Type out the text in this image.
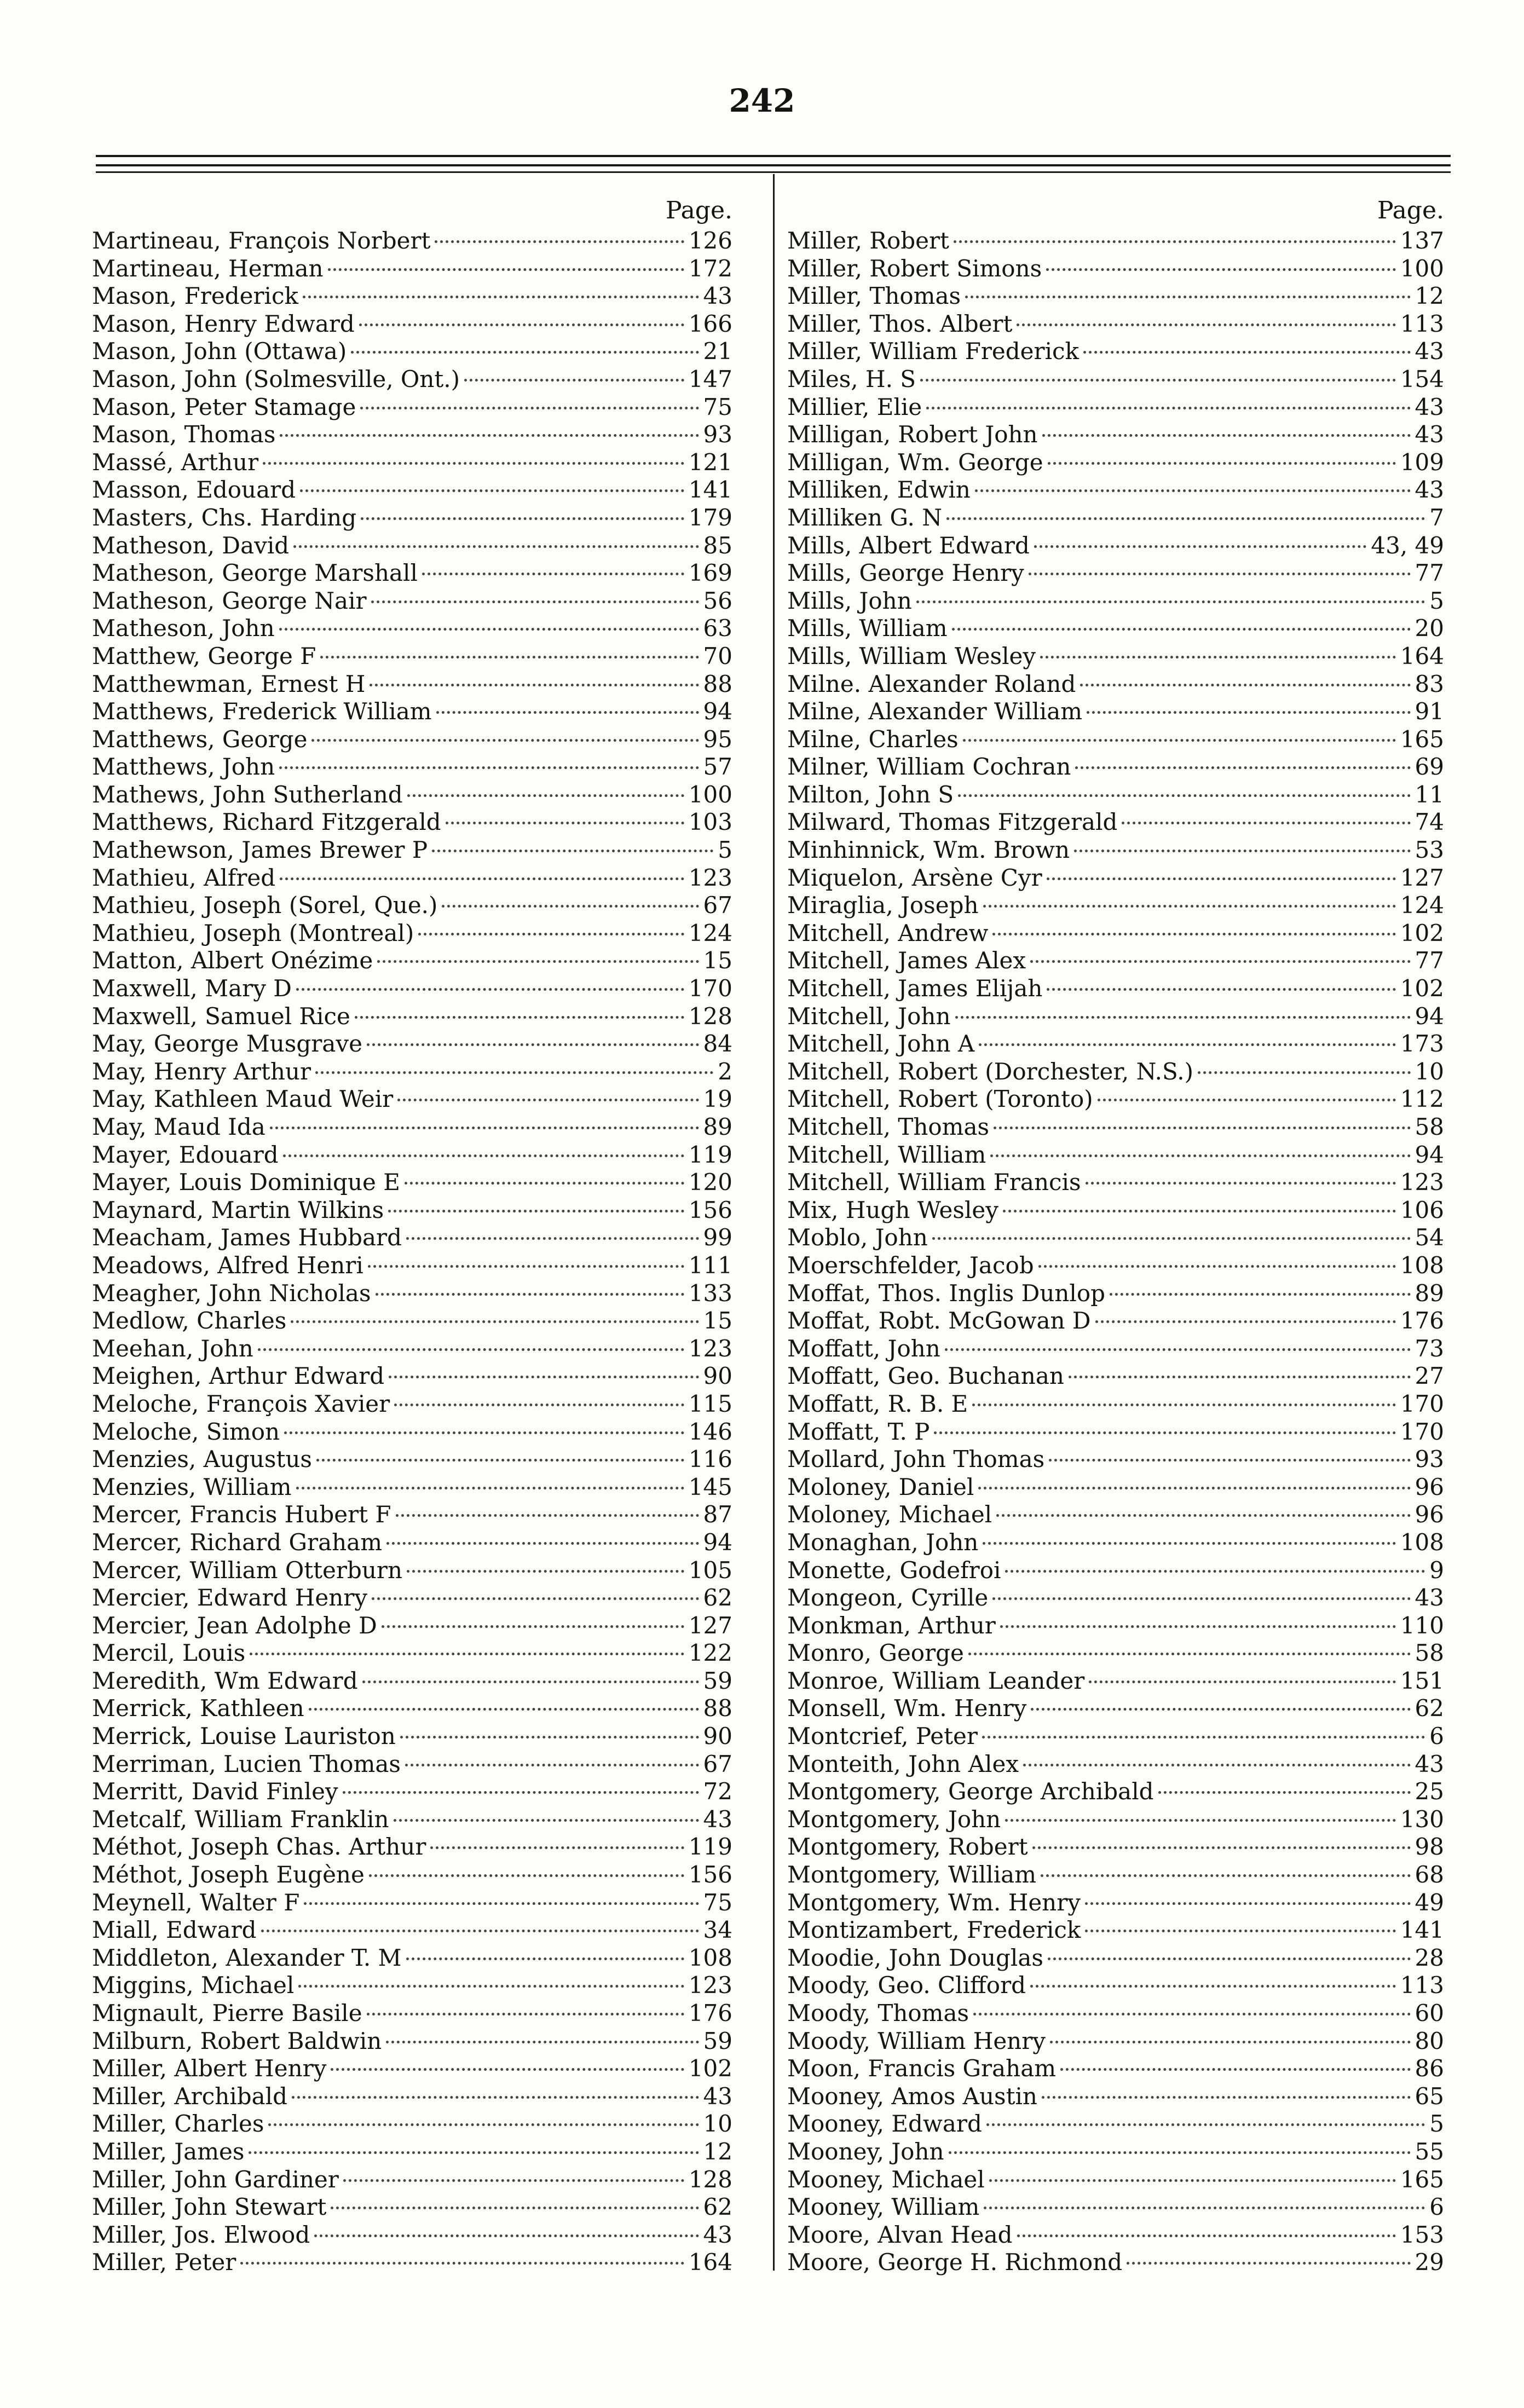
242
Page.
Martineau, François Norbert	126
Martineau, Herman	172
Mason, Frederick	43
Mason, Henry Edward	166
Mason, John (Ottawa)	21
Mason, John (Solmesville, Ont.)	147
Mason, Peter Stamage	75
Mason, Thomas	93
Massé, Arthur	121
Masson, Edouard	141
Masters, Chs. Harding	179
Matheson, David	85
Matheson, George Marshall	169
Matheson, George Nair	56
Matheson, John	63
Matthew, George F	70
Matthewman, Ernest H	88
Matthews, Frederick William	94
Matthews, George	95
Matthews, John	57
Mathews, John Sutherland	100
Matthews, Richard Fitzgerald	103
Mathewson, James Brewer P	5
Mathieu, Alfred	123
Mathieu, Joseph (Sorel, Que.)	67
Mathieu, Joseph (Montreal)	124
Matton, Albert Onézime	15
Maxwell, Mary D	170
Maxwell, Samuel Rice	128
May, George Musgrave	84
May, Henry Arthur	2
May, Kathleen Maud Weir	19
May, Maud Ida	89
Mayer, Edouard	119
Mayer, Louis Dominique E	120
Maynard, Martin Wilkins	156
Meacham, James Hubbard	99
Meadows, Alfred Henri	111
Meagher, John Nicholas	133
Medlow, Charles	15
Meehan, John	123
Meighen, Arthur Edward	90
Meloche, François Xavier	115
Meloche, Simon	146
Menzies, Augustus	116
Menzies, William	145
Mercer, Francis Hubert F	87
Mercer, Richard Graham	94
Mercer, William Otterburn	105
Mercier, Edward Henry	62
Mercier, Jean Adolphe D	127
Mercil, Louis	122
Meredith, Wm Edward	59
Merrick, Kathleen	88
Merrick, Louise Lauriston	90
Merriman, Lucien Thomas	67
Merritt, David Finley	72
Metcalf, William Franklin	43
Méthot, Joseph Chas. Arthur	119
Méthot, Joseph Eugène	156
Meynell, Walter F	75
Miall, Edward	34
Middleton, Alexander T. M	108
Miggins, Michael	123
Mignault, Pierre Basile	176
Milburn, Robert Baldwin	59
Miller, Albert Henry	102
Miller, Archibald	43
Miller, Charles	10
Miller, James	12
Miller, John Gardiner	128
Miller, John Stewart	62
Miller, Jos. Elwood	43
Miller, Peter	164
Page.
Miller, Robert	137
Miller, Robert Simons	100
Miller, Thomas	12
Miller, Thos. Albert	113
Miller, William Frederick	43
Miles, H. S	154
Millier, Elie	43
Milligan, Robert John	43
Milligan, Wm. George	109
Milliken, Edwin	43
Milliken G. N	7
Mills, Albert Edward	43, 49
Mills, George Henry	77
Mills, John	5
Mills, William	20
Mills, William Wesley	164
Milne. Alexander Roland	83
Milne, Alexander William	91
Milne, Charles	165
Milner, William Cochran	69
Milton, John S	11
Milward, Thomas Fitzgerald	74
Minhinnick, Wm. Brown	53
Miquelon, Arsène Cyr	127
Miraglia, Joseph	124
Mitchell, Andrew	102
Mitchell, James Alex	77
Mitchell, James Elijah	102
Mitchell, John	94
Mitchell, John A	173
Mitchell, Robert (Dorchester, N.S.)	10
Mitchell, Robert (Toronto)	112
Mitchell, Thomas	58
Mitchell, William	94
Mitchell, William Francis	123
Mix, Hugh Wesley	106
Moblo, John	54
Moerschfelder, Jacob	108
Moffat, Thos. Inglis Dunlop	89
Moffat, Robt. McGowan D	176
Moffatt, John	73
Moffatt, Geo. Buchanan	27
Moffatt, R. B. E	170
Moffatt, T. P	170
Mollard, John Thomas	93
Moloney, Daniel	96
Moloney, Michael	96
Monaghan, John	108
Monette, Godefroi	9
Mongeon, Cyrille	43
Monkman, Arthur	110
Monro, George	58
Monroe, William Leander	151
Monsell, Wm. Henry	62
Montcrief, Peter	6
Monteith, John Alex	43
Montgomery, George Archibald	25
Montgomery, John	130
Montgomery, Robert	98
Montgomery, William	68
Montgomery, Wm. Henry	49
Montizambert, Frederick	141
Moodie, John Douglas	28
Moody, Geo. Clifford	113
Moody, Thomas	60
Moody, William Henry	80
Moon, Francis Graham	86
Mooney, Amos Austin	65
Mooney, Edward	5
Mooney, John	55
Mooney, Michael	165
Mooney, William	6
Moore, Alvan Head	153
Moore, George H. Richmond	29
